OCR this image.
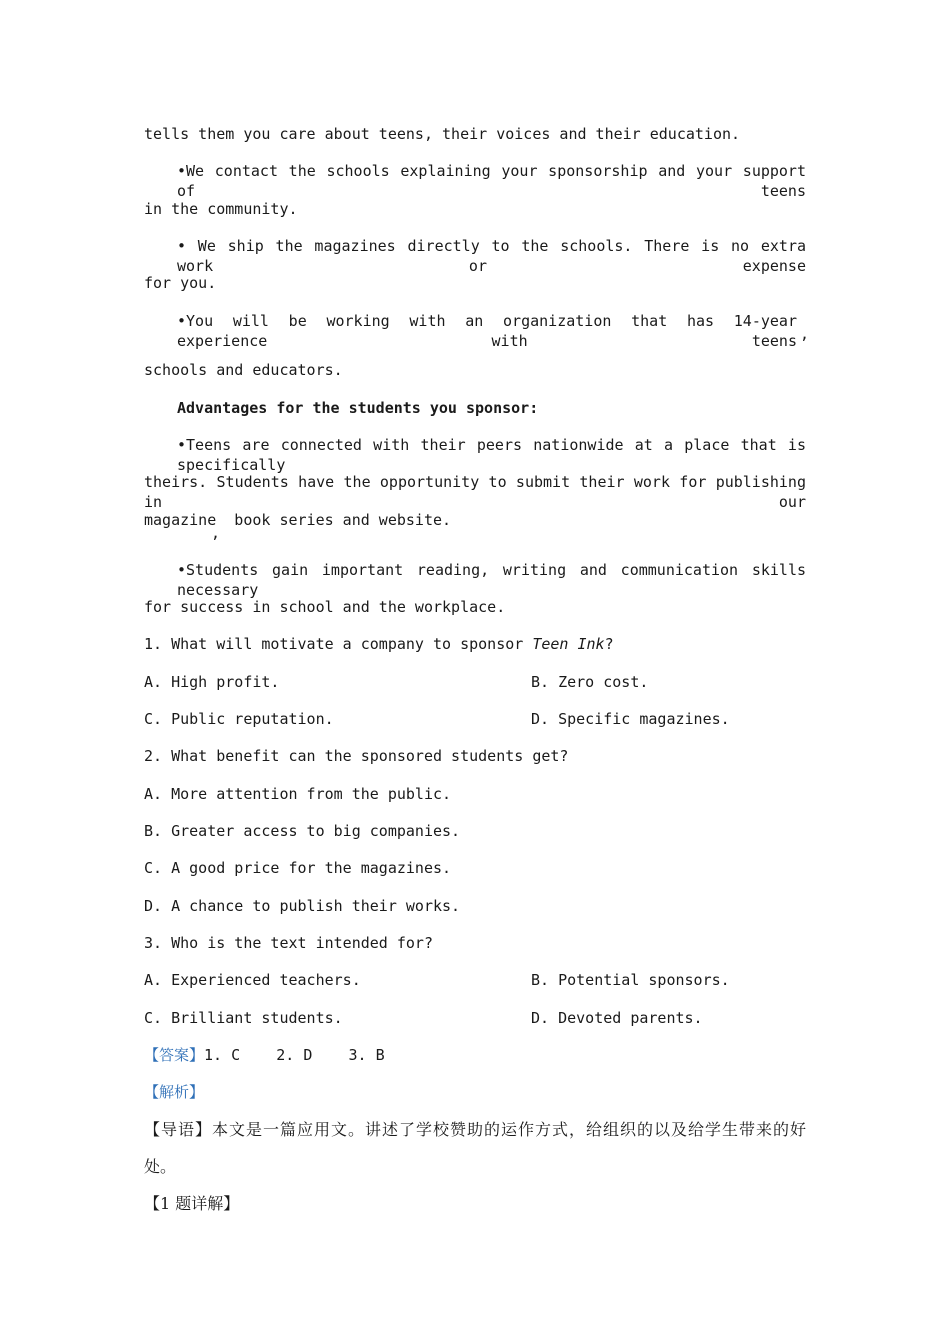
tells them you care about teens, their voices and their education.
•We contact the schools explaining your sponsorship and your support of teens
in the community.
• We ship the magazines directly to the schools. There is no extra work or expense
for you.
•You will be working with an organization that has 14-year experience with teens ,
schools and educators.
Advantages for the students you sponsor:
•Teens are connected with their peers nationwide at a place that is specifically
theirs. Students have the opportunity to submit their work for publishing in our
magazine  book series and website.
,
•Students gain important reading, writing and communication skills necessary
for success in school and the workplace.
1. What will motivate a company to sponsor Teen Ink?
A. High profit.	B. Zero cost.
C. Public reputation.	D. Specific magazines.
2. What benefit can the sponsored students get?
A. More attention from the public.
B. Greater access to big companies.
C. A good price for the magazines.
D. A chance to publish their works.
3. Who is the text intended for?
A. Experienced teachers.	B. Potential sponsors.
C. Brilliant students.	D. Devoted parents.
【答案】1. C    2. D    3. B
【解析】
【导语】本文是一篇应用文。讲述了学校赞助的运作方式，给组织的以及给学生带来的好
处。
【1 题详解】
